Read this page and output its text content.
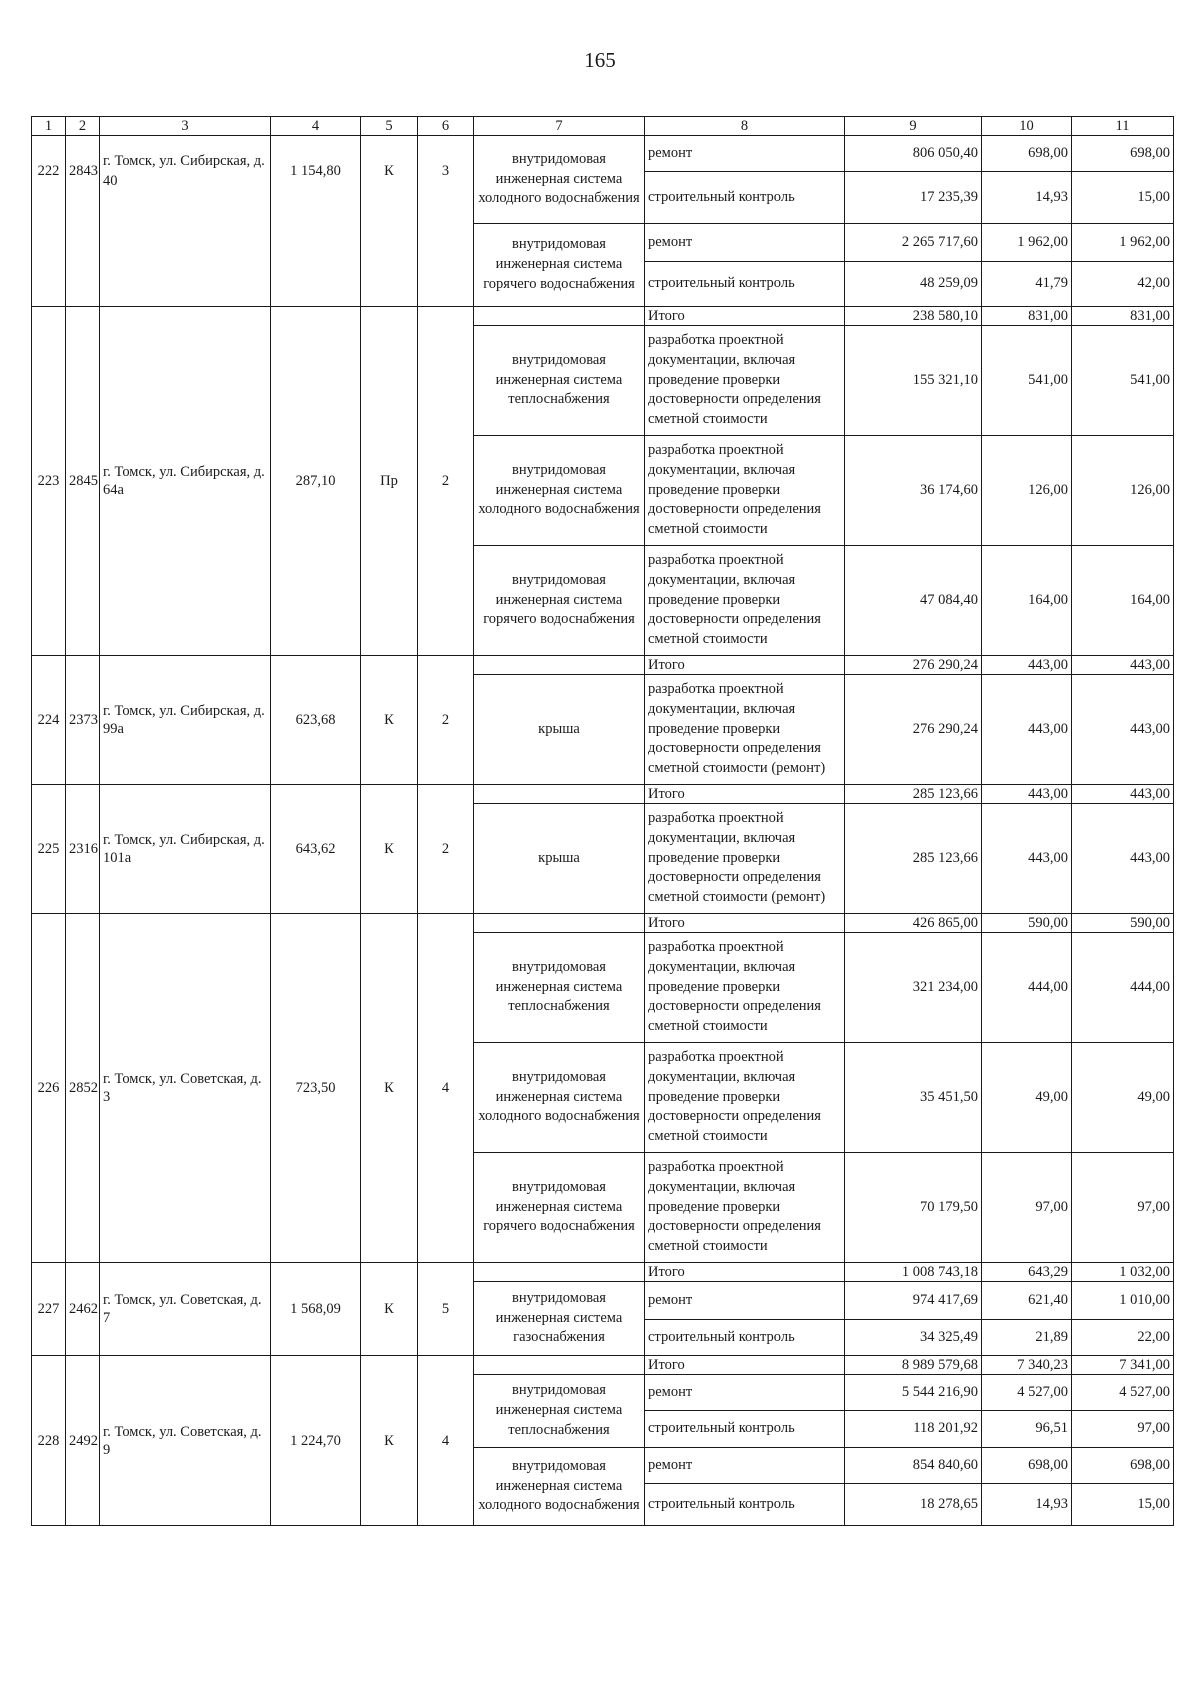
165
1	2	3	4	5	6	7	8	9	10	11
222	2843	г. Томск, ул. Сибирская, д. 40	1 154,80	К	3	внутридомовая инженерная система холодного водоснабжения	ремонт	806 050,40	698,00	698,00
							строительный контроль	17 235,39	14,93	15,00
						внутридомовая инженерная система горячего водоснабжения	ремонт	2 265 717,60	1 962,00	1 962,00
							строительный контроль	48 259,09	41,79	42,00
223	2845	г. Томск, ул. Сибирская, д. 64а	287,10	Пр	2		Итого	238 580,10	831,00	831,00
						внутридомовая инженерная система теплоснабжения	разработка проектной документации, включая проведение проверки достоверности определения сметной стоимости	155 321,10	541,00	541,00
						внутридомовая инженерная система холодного водоснабжения	разработка проектной документации, включая проведение проверки достоверности определения сметной стоимости	36 174,60	126,00	126,00
						внутридомовая инженерная система горячего водоснабжения	разработка проектной документации, включая проведение проверки достоверности определения сметной стоимости	47 084,40	164,00	164,00
224	2373	г. Томск, ул. Сибирская, д. 99а	623,68	К	2		Итого	276 290,24	443,00	443,00
						крыша	разработка проектной документации, включая проведение проверки достоверности определения сметной стоимости (ремонт)	276 290,24	443,00	443,00
225	2316	г. Томск, ул. Сибирская, д. 101а	643,62	К	2		Итого	285 123,66	443,00	443,00
						крыша	разработка проектной документации, включая проведение проверки достоверности определения сметной стоимости (ремонт)	285 123,66	443,00	443,00
226	2852	г. Томск, ул. Советская, д. 3	723,50	К	4		Итого	426 865,00	590,00	590,00
						внутридомовая инженерная система теплоснабжения	разработка проектной документации, включая проведение проверки достоверности определения сметной стоимости	321 234,00	444,00	444,00
						внутридомовая инженерная система холодного водоснабжения	разработка проектной документации, включая проведение проверки достоверности определения сметной стоимости	35 451,50	49,00	49,00
						внутридомовая инженерная система горячего водоснабжения	разработка проектной документации, включая проведение проверки достоверности определения сметной стоимости	70 179,50	97,00	97,00
227	2462	г. Томск, ул. Советская, д. 7	1 568,09	К	5		Итого	1 008 743,18	643,29	1 032,00
						внутридомовая инженерная система газоснабжения	ремонт	974 417,69	621,40	1 010,00
							строительный контроль	34 325,49	21,89	22,00
228	2492	г. Томск, ул. Советская, д. 9	1 224,70	К	4		Итого	8 989 579,68	7 340,23	7 341,00
						внутридомовая инженерная система теплоснабжения	ремонт	5 544 216,90	4 527,00	4 527,00
							строительный контроль	118 201,92	96,51	97,00
						внутридомовая инженерная система холодного водоснабжения	ремонт	854 840,60	698,00	698,00
							строительный контроль	18 278,65	14,93	15,00
